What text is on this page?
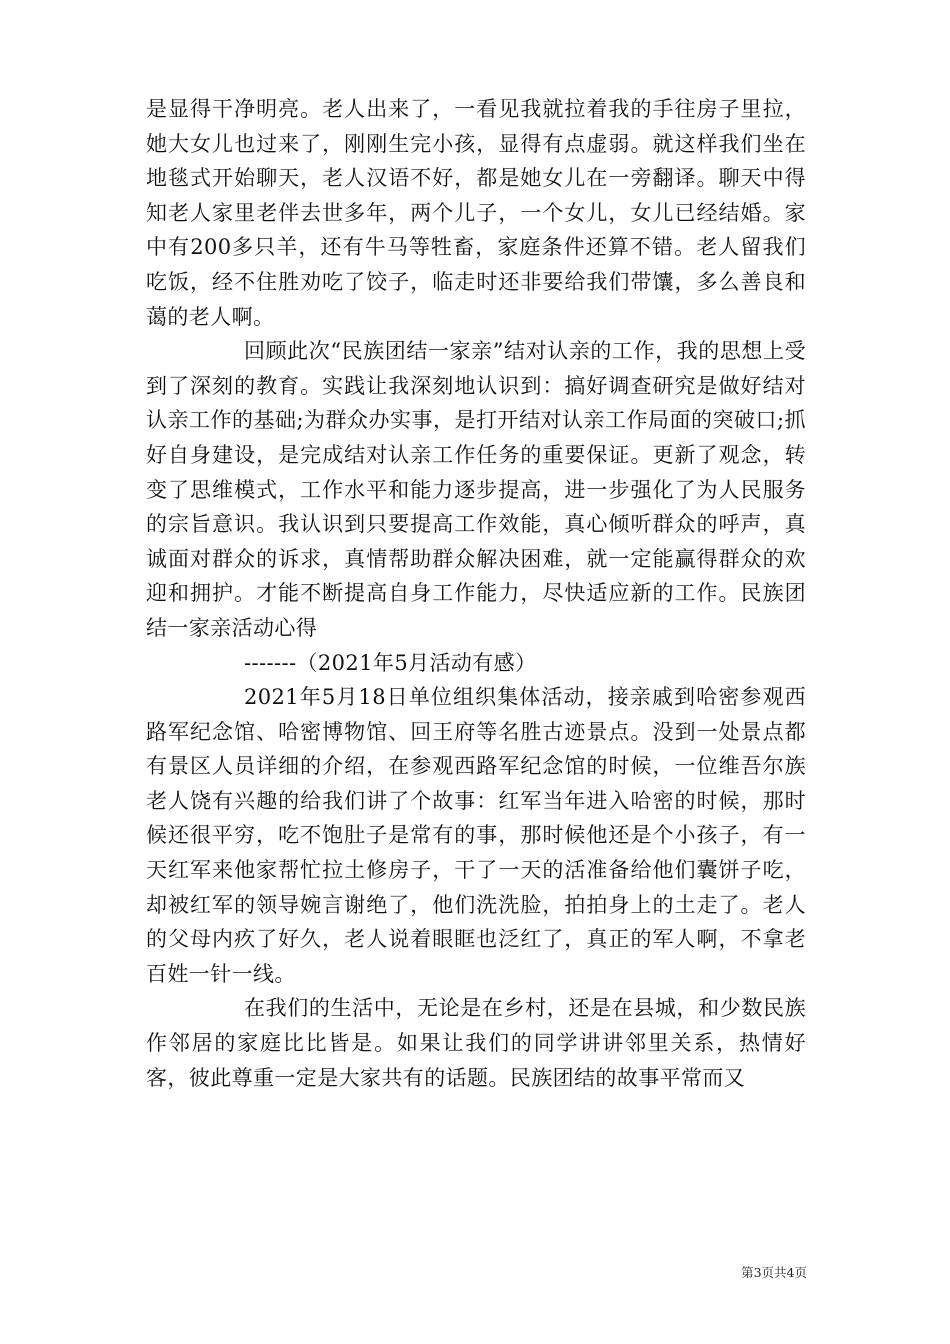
是显得干净明亮。老人出来了，一看见我就拉着我的手往房子里拉，她大女儿也过来了，刚刚生完小孩，显得有点虚弱。就这样我们坐在地毯式开始聊天，老人汉语不好，都是她女儿在一旁翻译。聊天中得知老人家里老伴去世多年，两个儿子，一个女儿，女儿已经结婚。家中有200多只羊，还有牛马等牲畜，家庭条件还算不错。老人留我们吃饭，经不住胜劝吃了饺子，临走时还非要给我们带馕，多么善良和蔼的老人啊。

回顾此次“民族团结一家亲”结对认亲的工作，我的思想上受到了深刻的教育。实践让我深刻地认识到：搞好调查研究是做好结对认亲工作的基础;为群众办实事，是打开结对认亲工作局面的突破口;抓好自身建设，是完成结对认亲工作任务的重要保证。更新了观念，转变了思维模式，工作水平和能力逐步提高，进一步强化了为人民服务的宗旨意识。我认识到只要提高工作效能，真心倾听群众的呼声，真诚面对群众的诉求，真情帮助群众解决困难，就一定能赢得群众的欢迎和拥护。才能不断提高自身工作能力，尽快适应新的工作。民族团结一家亲活动心得

-------（2021年5月活动有感）

2021年5月18日单位组织集体活动，接亲戚到哈密参观西路军纪念馆、哈密博物馆、回王府等名胜古迹景点。没到一处景点都有景区人员详细的介绍，在参观西路军纪念馆的时候，一位维吾尔族老人饶有兴趣的给我们讲了个故事：红军当年进入哈密的时候，那时候还很平穷，吃不饱肚子是常有的事，那时候他还是个小孩子，有一天红军来他家帮忙拉土修房子，干了一天的活准备给他们囊饼子吃，却被红军的领导婉言谢绝了，他们洗洗脸，拍拍身上的土走了。老人的父母内疚了好久，老人说着眼眶也泛红了，真正的军人啊，不拿老百姓一针一线。

在我们的生活中，无论是在乡村，还是在县城，和少数民族作邻居的家庭比比皆是。如果让我们的同学讲讲邻里关系，热情好客，彼此尊重一定是大家共有的话题。民族团结的故事平常而又

第3页共4页
